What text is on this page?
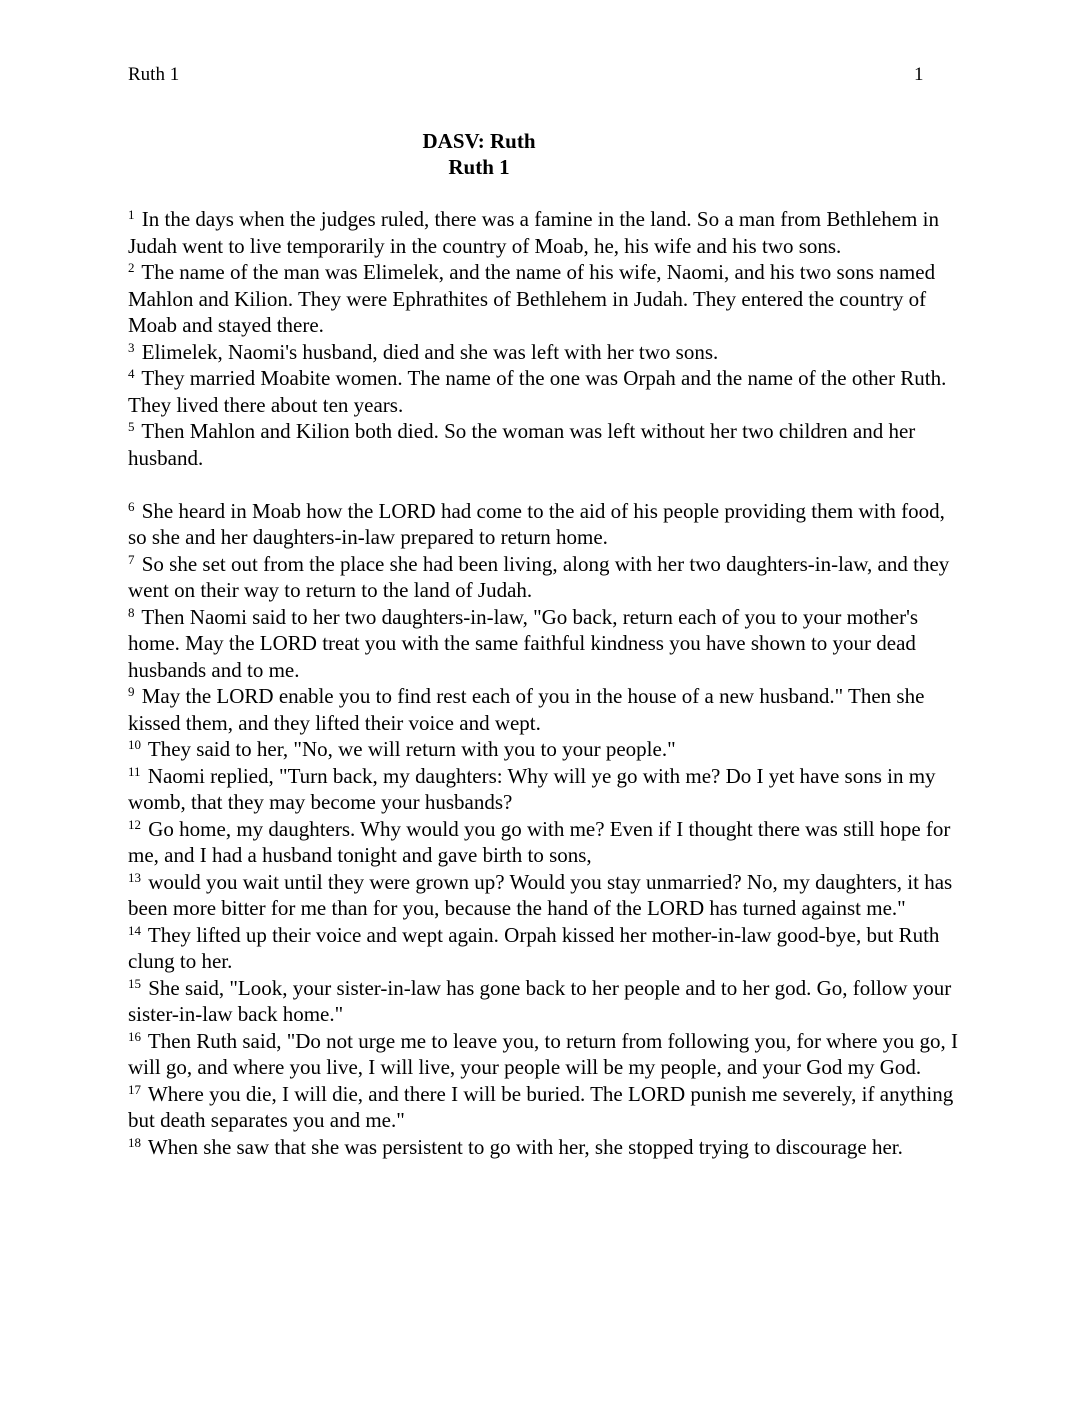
Ruth 1	1
DASV: Ruth
Ruth 1

$^1$ In the days when the judges ruled, there was a famine in the land. So a man from Bethlehem in Judah went to live temporarily in the country of Moab, he, his wife and his two sons.

$^2$ The name of the man was Elimelek, and the name of his wife, Naomi, and his two sons named Mahlon and Kilion. They were Ephrathites of Bethlehem in Judah. They entered the country of Moab and stayed there.

$^3$ Elimelek, Naomi's husband, died and she was left with her two sons.

$^4$ They married Moabite women. The name of the one was Orpah and the name of the other Ruth. They lived there about ten years.

$^5$ Then Mahlon and Kilion both died. So the woman was left without her two children and her husband.

$^6$ She heard in Moab how the LORD had come to the aid of his people providing them with food, so she and her daughters-in-law prepared to return home.

$^7$ So she set out from the place she had been living, along with her two daughters-in-law, and they went on their way to return to the land of Judah.

$^8$ Then Naomi said to her two daughters-in-law, "Go back, return each of you to your mother's home. May the LORD treat you with the same faithful kindness you have shown to your dead husbands and to me.

$^9$ May the LORD enable you to find rest each of you in the house of a new husband." Then she kissed them, and they lifted their voice and wept.

$^{10}$ They said to her, "No, we will return with you to your people."

$^{11}$ Naomi replied, "Turn back, my daughters: Why will ye go with me? Do I yet have sons in my womb, that they may become your husbands?

$^{12}$ Go home, my daughters. Why would you go with me? Even if I thought there was still hope for me, and I had a husband tonight and gave birth to sons,

$^{13}$ would you wait until they were grown up? Would you stay unmarried? No, my daughters, it has been more bitter for me than for you, because the hand of the LORD has turned against me."

$^{14}$ They lifted up their voice and wept again. Orpah kissed her mother-in-law good-bye, but Ruth clung to her.

$^{15}$ She said, "Look, your sister-in-law has gone back to her people and to her god. Go, follow your sister-in-law back home."

$^{16}$ Then Ruth said, "Do not urge me to leave you, to return from following you, for where you go, I will go, and where you live, I will live, your people will be my people, and your God my God.

$^{17}$ Where you die, I will die, and there I will be buried. The LORD punish me severely, if anything but death separates you and me."

$^{18}$ When she saw that she was persistent to go with her, she stopped trying to discourage her.
